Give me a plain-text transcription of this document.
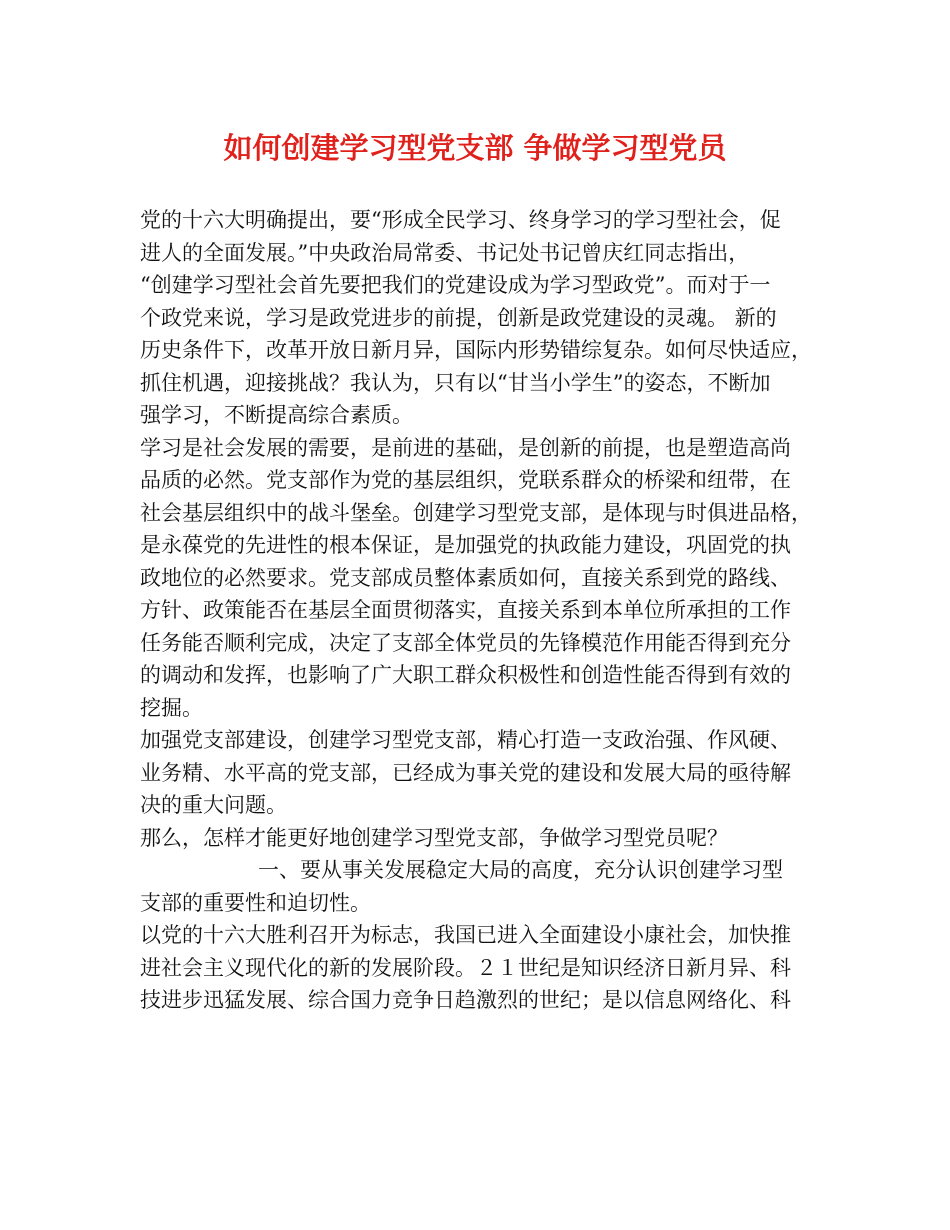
如何创建学习型党支部 争做学习型党员
党的十六大明确提出，要“形成全民学习、终身学习的学习型社会，促
进人的全面发展。”中央政治局常委、书记处书记曾庆红同志指出，
“创建学习型社会首先要把我们的党建设成为学习型政党”。而对于一
个政党来说，学习是政党进步的前提，创新是政党建设的灵魂。 新的
历史条件下，改革开放日新月异，国际内形势错综复杂。如何尽快适应，
抓住机遇，迎接挑战？我认为，只有以“甘当小学生”的姿态，不断加
强学习，不断提高综合素质。
学习是社会发展的需要，是前进的基础，是创新的前提，也是塑造高尚
品质的必然。党支部作为党的基层组织，党联系群众的桥梁和纽带，在
社会基层组织中的战斗堡垒。创建学习型党支部，是体现与时俱进品格，
是永葆党的先进性的根本保证，是加强党的执政能力建设，巩固党的执
政地位的必然要求。党支部成员整体素质如何，直接关系到党的路线、
方针、政策能否在基层全面贯彻落实，直接关系到本单位所承担的工作
任务能否顺利完成，决定了支部全体党员的先锋模范作用能否得到充分
的调动和发挥，也影响了广大职工群众积极性和创造性能否得到有效的
挖掘。
加强党支部建设，创建学习型党支部，精心打造一支政治强、作风硬、
业务精、水平高的党支部，已经成为事关党的建设和发展大局的亟待解
决的重大问题。
那么，怎样才能更好地创建学习型党支部，争做学习型党员呢？
一、要从事关发展稳定大局的高度，充分认识创建学习型
支部的重要性和迫切性。
以党的十六大胜利召开为标志，我国已进入全面建设小康社会，加快推
进社会主义现代化的新的发展阶段。２１世纪是知识经济日新月异、科
技进步迅猛发展、综合国力竞争日趋激烈的世纪；是以信息网络化、科
